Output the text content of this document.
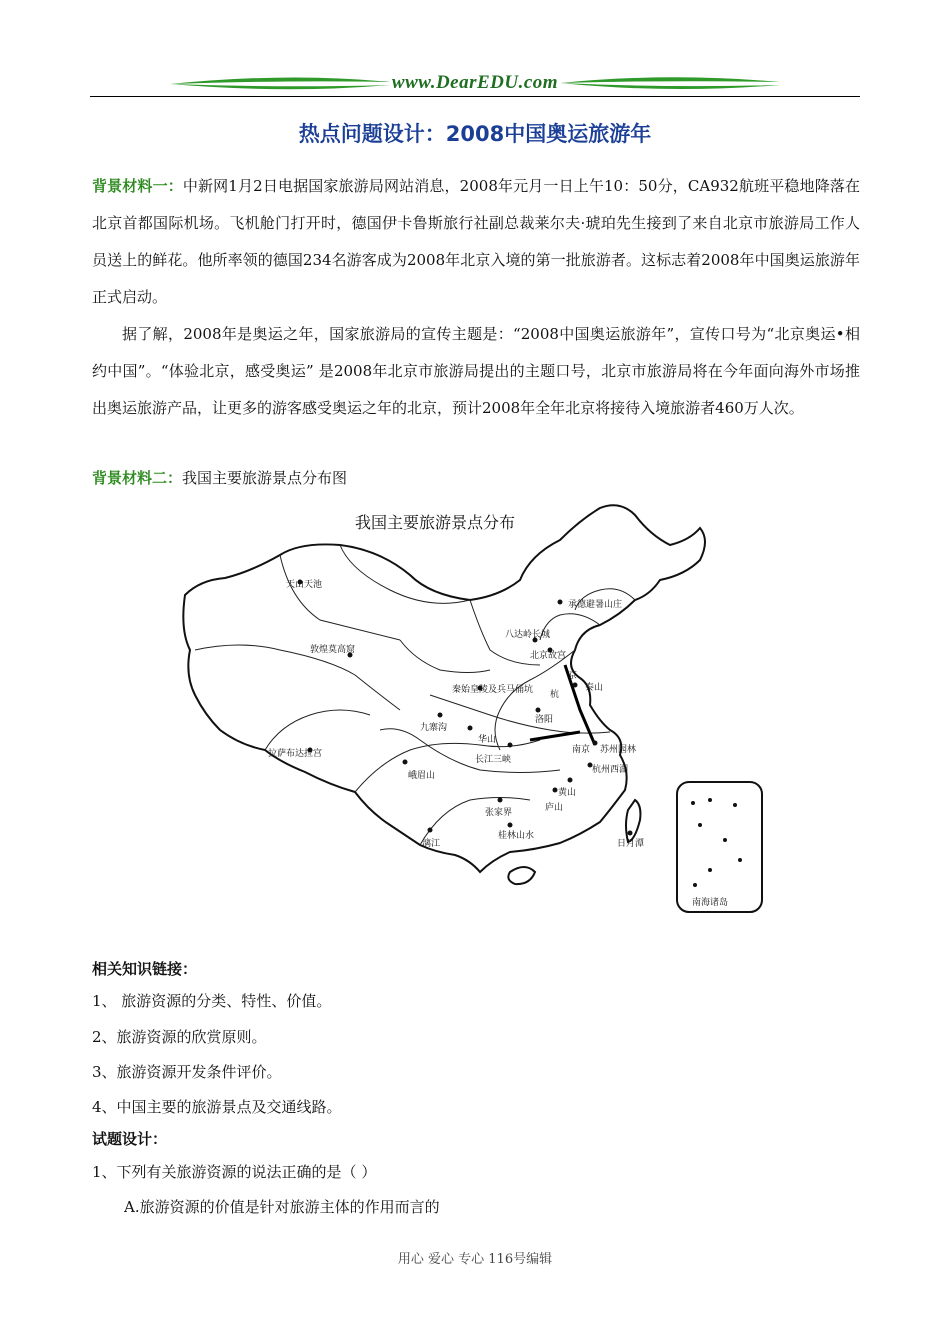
www.DearEDU.com
热点问题设计：2008中国奥运旅游年

背景材料一：中新网1月2日电据国家旅游局网站消息，2008年元月一日上午10：50分，CA932航班平稳地降落在北京首都国际机场。飞机舱门打开时，德国伊卡鲁斯旅行社副总裁莱尔夫·琥珀先生接到了来自北京市旅游局工作人员送上的鲜花。他所率领的德国234名游客成为2008年北京入境的第一批旅游者。这标志着2008年中国奥运旅游年正式启动。

据了解，2008年是奥运之年，国家旅游局的宣传主题是：“2008中国奥运旅游年”，宣传口号为“北京奥运•相约中国”。“体验北京，感受奥运” 是2008年北京市旅游局提出的主题口号，北京市旅游局将在今年面向海外市场推出奥运旅游产品，让更多的游客感受奥运之年的北京，预计2008年全年北京将接待入境旅游者460万人次。

背景材料二：我国主要旅游景点分布图

我国主要旅游景点分布
天山天池
敦煌莫高窟
承德避暑山庄
八达岭长城
北京故宫
杭
秦始皇陵及兵马俑坑	泰山
洛阳
九寨沟
华山
长江三峡
南京 苏州园林
杭州西湖
黄山
拉萨布达拉宫
峨眉山
张家界	庐山
漓江
桂林山水
日月潭
南海诸岛
京
相关知识链接：
1、 旅游资源的分类、特性、价值。
2、旅游资源的欣赏原则。
3、旅游资源开发条件评价。
4、中国主要的旅游景点及交通线路。
试题设计：
1、下列有关旅游资源的说法正确的是（ ）
A.旅游资源的价值是针对旅游主体的作用而言的
用心 爱心 专心 116号编辑
